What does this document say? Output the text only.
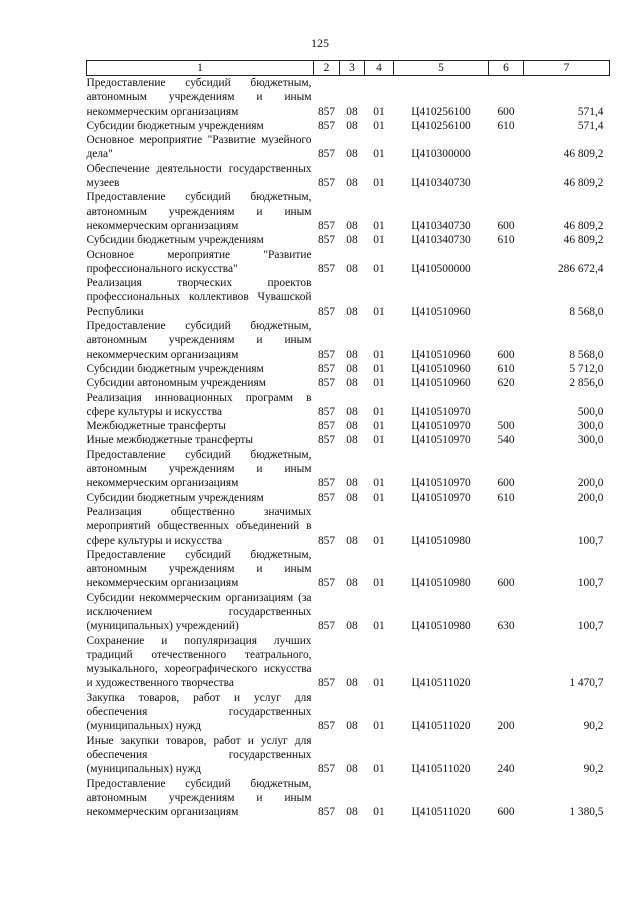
125
1	2	3	4	5	6	7
Предоставление субсидий бюджетным, автономным учреждениям и иным некоммерческим организациям	857	08	01	Ц410256100	600	571,4
Субсидии бюджетным учреждениям	857	08	01	Ц410256100	610	571,4
Основное мероприятие "Развитие музейного дела"	857	08	01	Ц410300000		46 809,2
Обеспечение деятельности государственных музеев	857	08	01	Ц410340730		46 809,2
Предоставление субсидий бюджетным, автономным учреждениям и иным некоммерческим организациям	857	08	01	Ц410340730	600	46 809,2
Субсидии бюджетным учреждениям	857	08	01	Ц410340730	610	46 809,2
Основное мероприятие "Развитие профессионального искусства"	857	08	01	Ц410500000		286 672,4
Реализация творческих проектов профессиональных коллективов Чувашской Республики	857	08	01	Ц410510960		8 568,0
Предоставление субсидий бюджетным, автономным учреждениям и иным некоммерческим организациям	857	08	01	Ц410510960	600	8 568,0
Субсидии бюджетным учреждениям	857	08	01	Ц410510960	610	5 712,0
Субсидии автономным учреждениям	857	08	01	Ц410510960	620	2 856,0
Реализация инновационных программ в сфере культуры и искусства	857	08	01	Ц410510970		500,0
Межбюджетные трансферты	857	08	01	Ц410510970	500	300,0
Иные межбюджетные трансферты	857	08	01	Ц410510970	540	300,0
Предоставление субсидий бюджетным, автономным учреждениям и иным некоммерческим организациям	857	08	01	Ц410510970	600	200,0
Субсидии бюджетным учреждениям	857	08	01	Ц410510970	610	200,0
Реализация общественно значимых мероприятий общественных объединений в сфере культуры и искусства	857	08	01	Ц410510980		100,7
Предоставление субсидий бюджетным, автономным учреждениям и иным некоммерческим организациям	857	08	01	Ц410510980	600	100,7
Субсидии некоммерческим организациям (за исключением государственных (муниципальных) учреждений)	857	08	01	Ц410510980	630	100,7
Сохранение и популяризация лучших традиций отечественного театрального, музыкального, хореографического искусства и художественного творчества	857	08	01	Ц410511020		1 470,7
Закупка товаров, работ и услуг для обеспечения государственных (муниципальных) нужд	857	08	01	Ц410511020	200	90,2
Иные закупки товаров, работ и услуг для обеспечения государственных (муниципальных) нужд	857	08	01	Ц410511020	240	90,2
Предоставление субсидий бюджетным, автономным учреждениям и иным некоммерческим организациям	857	08	01	Ц410511020	600	1 380,5
